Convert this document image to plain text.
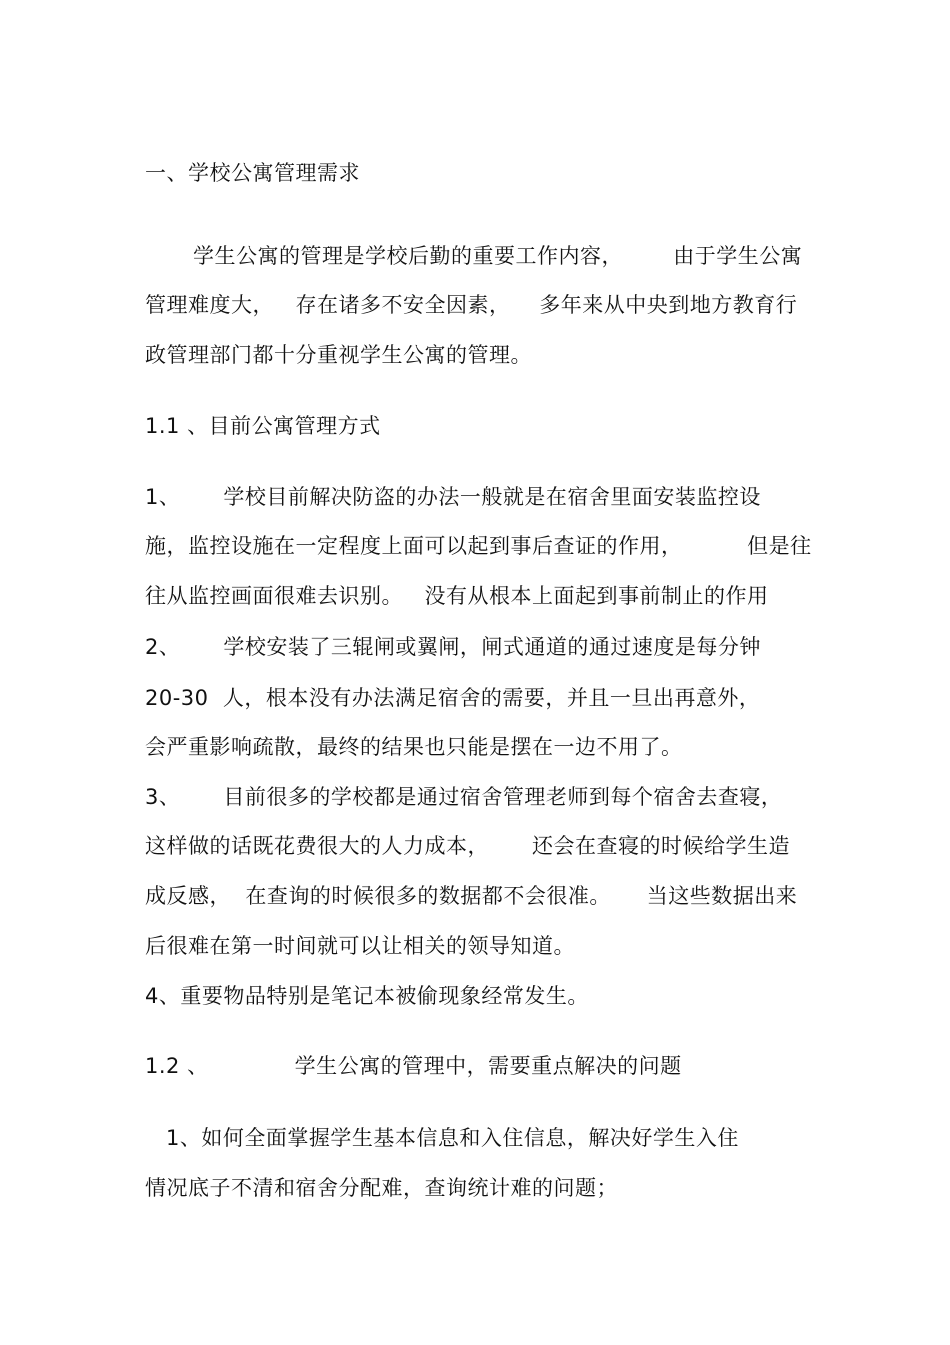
一、学校公寓管理需求
学生公寓的管理是学校后勤的重要工作内容，       由于学生公寓
管理难度大，   存在诸多不安全因素，    多年来从中央到地方教育行
政管理部门都十分重视学生公寓的管理。
1.1 、目前公寓管理方式
1、      学校目前解决防盗的办法一般就是在宿舍里面安装监控设
施，监控设施在一定程度上面可以起到事后查证的作用，         但是往
往从监控画面很难去识别。   没有从根本上面起到事前制止的作用
2、      学校安装了三辊闸或翼闸，闸式通道的通过速度是每分钟
20-30  人，根本没有办法满足宿舍的需要，并且一旦出再意外，
会严重影响疏散，最终的结果也只能是摆在一边不用了。
3、      目前很多的学校都是通过宿舍管理老师到每个宿舍去查寝，
这样做的话既花费很大的人力成本，      还会在查寝的时候给学生造
成反感，  在查询的时候很多的数据都不会很准。     当这些数据出来
后很难在第一时间就可以让相关的领导知道。
4、重要物品特别是笔记本被偷现象经常发生。
1.2 、            学生公寓的管理中，需要重点解决的问题
1、如何全面掌握学生基本信息和入住信息，解决好学生入住
情况底子不清和宿舍分配难，查询统计难的问题；
